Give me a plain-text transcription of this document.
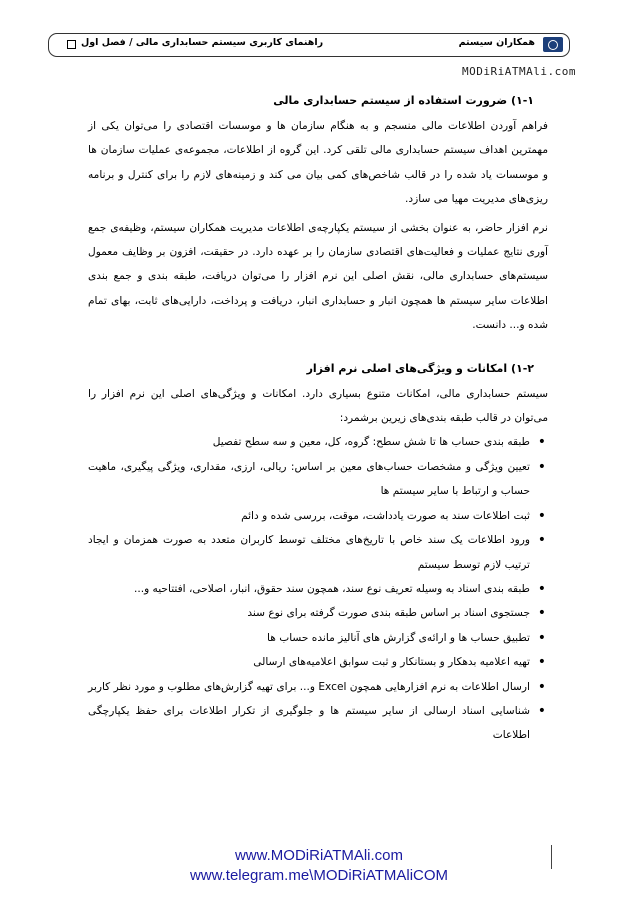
همکاران سیستم
راهنمای کاربری سیستم حسابداری مالی / فصل اول
MODiRiATMAli.com
۱-۱) ضرورت استفاده از سیستم حسابداری مالی

فراهم آوردن اطلاعات مالی منسجم و به هنگام سازمان ها و موسسات اقتصادی را می‌توان یکی از مهمترین اهداف سیستم حسابداری مالی تلقی کرد. این گروه از اطلاعات، مجموعه‌ی عملیات سازمان ها و موسسات یاد شده را در قالب شاخص‌های کمی بیان می کند و زمینه‌های لازم را برای کنترل و برنامه ریزی‌های مدیریت مهیا می سازد.

نرم افزار حاضر، به عنوان بخشی از سیستم یکپارچه‌ی اطلاعات مدیریت همکاران سیستم، وظیفه‌ی جمع آوری نتایج عملیات و فعالیت‌های اقتصادی سازمان را بر عهده دارد. در حقیقت، افزون بر وظایف معمول سیستم‌های حسابداری مالی، نقش اصلی این نرم افزار را می‌توان دریافت، طبقه بندی و جمع بندی اطلاعات سایر سیستم ها همچون انبار و حسابداری انبار، دریافت و پرداخت، دارایی‌های ثابت، بهای تمام شده و... دانست.

۱-۲) امکانات و ویژگی‌های اصلی نرم افزار

سیستم حسابداری مالی، امکانات متنوع بسیاری دارد. امکانات و ویژگی‌های اصلی این نرم افزار را می‌توان در قالب طبقه بندی‌های زیرین برشمرد:

• طبقه بندی حساب ها تا شش سطح: گروه، کل، معین و سه سطح تفصیل
• تعیین ویژگی و مشخصات حساب‌های معین بر اساس: ریالی، ارزی، مقداری، ویژگی پیگیری، ماهیت حساب و ارتباط با سایر سیستم ها
• ثبت اطلاعات سند به صورت یادداشت، موقت، بررسی شده و دائم
• ورود اطلاعات یک سند خاص با تاریخ‌های مختلف توسط کاربران متعدد به صورت همزمان و ایجاد ترتیب لازم توسط سیستم
• طبقه بندی اسناد به وسیله تعریف نوع سند، همچون سند حقوق، انبار، اصلاحی، افتتاحیه و...
• جستجوی اسناد بر اساس طبقه بندی صورت گرفته برای نوع سند
• تطبیق حساب ها و ارائه‌ی گزارش های آنالیز مانده حساب ها
• تهیه اعلامیه بدهکار و بستانکار و ثبت سوابق اعلامیه‌های ارسالی
• ارسال اطلاعات به نرم افزارهایی همچون Excel و... برای تهیه گزارش‌های مطلوب و مورد نظر کاربر
• شناسایی اسناد ارسالی از سایر سیستم ها و جلوگیری از تکرار اطلاعات برای حفظ یکپارچگی اطلاعات
www.MODiRiATMAli.com
www.telegram.me\MODiRiATMAliCOM
